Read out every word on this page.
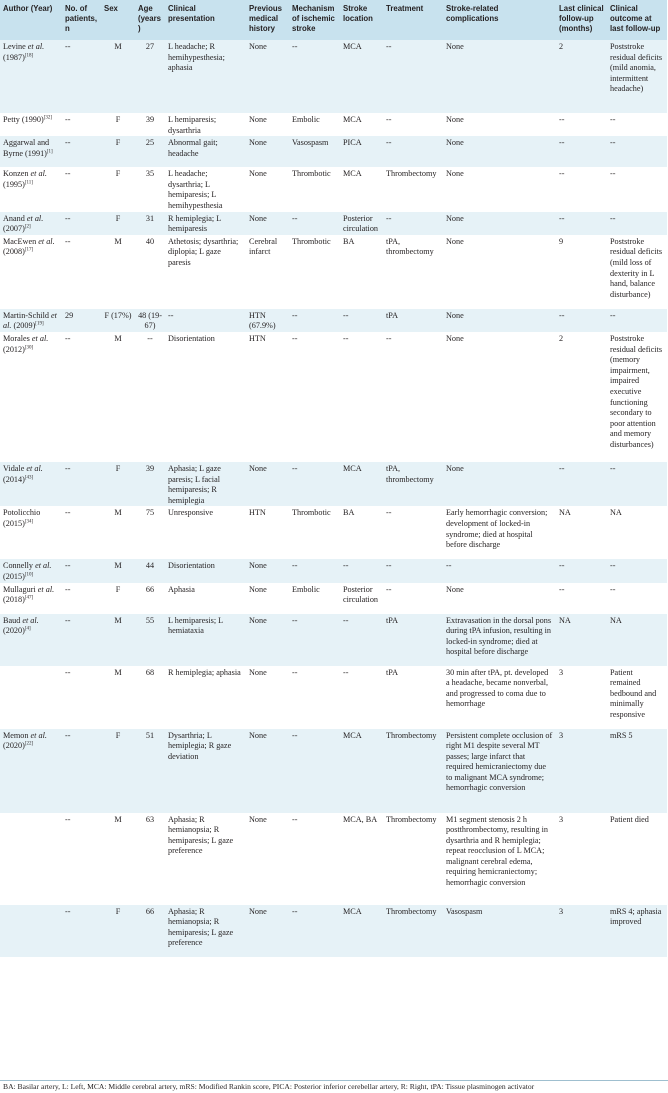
Author (Year)	No. of patients, n	Sex	Age (years)	Clinical presentation	Previous medical history	Mechanism of ischemic stroke	Stroke location	Treatment	Stroke-related complications	Last clinical follow-up (months)	Clinical outcome at last follow-up
Levine et al. (1987)[18]	--	M	27	L headache; R hemihypesthesia; aphasia	None	--	MCA	--	None	2	Poststroke residual deficits (mild anomia, intermittent headache)
Petty (1990)[32]	--	F	39	L hemiparesis; dysarthria	None	Embolic	MCA	--	None	--	--
Aggarwal and Byrne (1991)[1]	--	F	25	Abnormal gait; headache	None	Vasospasm	PICA	--	None	--	--
Konzen et al. (1995)[11]	--	F	35	L headache; dysarthria; L hemiparesis; L hemihypesthesia	None	Thrombotic	MCA	Thrombectomy	None	--	--
Anand et al. (2007)[2]	--	F	31	R hemiplegia; L hemiparesis	None	--	Posterior circulation	--	None	--	--
MacEwen et al. (2008)[17]	--	M	40	Athetosis; dysarthria; diplopia; L gaze paresis	Cerebral infarct	Thrombotic	BA	tPA, thrombectomy	None	9	Poststroke residual deficits (mild loss of dexterity in L hand, balance disturbance)
Martin-Schild et al. (2009)[19]	29	F (17%)	48 (19-67)	--	HTN (67.9%)	--	--	tPA	None	--	--
Morales et al. (2012)[30]	--	M	--	Disorientation	HTN	--	--	--	None	2	Poststroke residual deficits (memory impairment, impaired executive functioning secondary to poor attention and memory disturbances)
Vidale et al. (2014)[43]	--	F	39	Aphasia; L gaze paresis; L facial hemiparesis; R hemiplegia	None	--	MCA	tPA, thrombectomy	None	--	--
Potolicchio (2015)[34]	--	M	75	Unresponsive	HTN	Thrombotic	BA	--	Early hemorrhagic conversion; development of locked-in syndrome; died at hospital before discharge	NA	NA
Connelly et al. (2015)[10]	--	M	44	Disorientation	None	--	--	--	--	--	--
Mullaguri et al. (2018)[47]	--	F	66	Aphasia	None	Embolic	Posterior circulation	--	None	--	--
Baud et al. (2020)[4]	--	M	55	L hemiparesis; L hemiataxia	None	--	--	tPA	Extravasation in the dorsal pons during tPA infusion, resulting in locked-in syndrome; died at hospital before discharge	NA	NA
	--	M	68	R hemiplegia; aphasia	None	--	--	tPA	30 min after tPA, pt. developed a headache, became nonverbal, and progressed to coma due to hemorrhage	3	Patient remained bedbound and minimally responsive
Memon et al. (2020)[22]	--	F	51	Dysarthria; L hemiplegia; R gaze deviation	None	--	MCA	Thrombectomy	Persistent complete occlusion of right M1 despite several MT passes; large infarct that required hemicraniectomy due to malignant MCA syndrome; hemorrhagic conversion	3	mRS 5
	--	M	63	Aphasia; R hemianopsia; R hemiparesis; L gaze preference	None	--	MCA, BA	Thrombectomy	M1 segment stenosis 2 h postthrombectomy, resulting in dysarthria and R hemiplegia; repeat reocclusion of L MCA; malignant cerebral edema, requiring hemicraniectomy; hemorrhagic conversion	3	Patient died
	--	F	66	Aphasia; R hemianopsia; R hemiparesis; L gaze preference	None	--	MCA	Thrombectomy	Vasospasm	3	mRS 4; aphasia improved
BA: Basilar artery, L: Left, MCA: Middle cerebral artery, mRS: Modified Rankin score, PICA: Posterior inferior cerebellar artery, R: Right, tPA: Tissue plasminogen activator
